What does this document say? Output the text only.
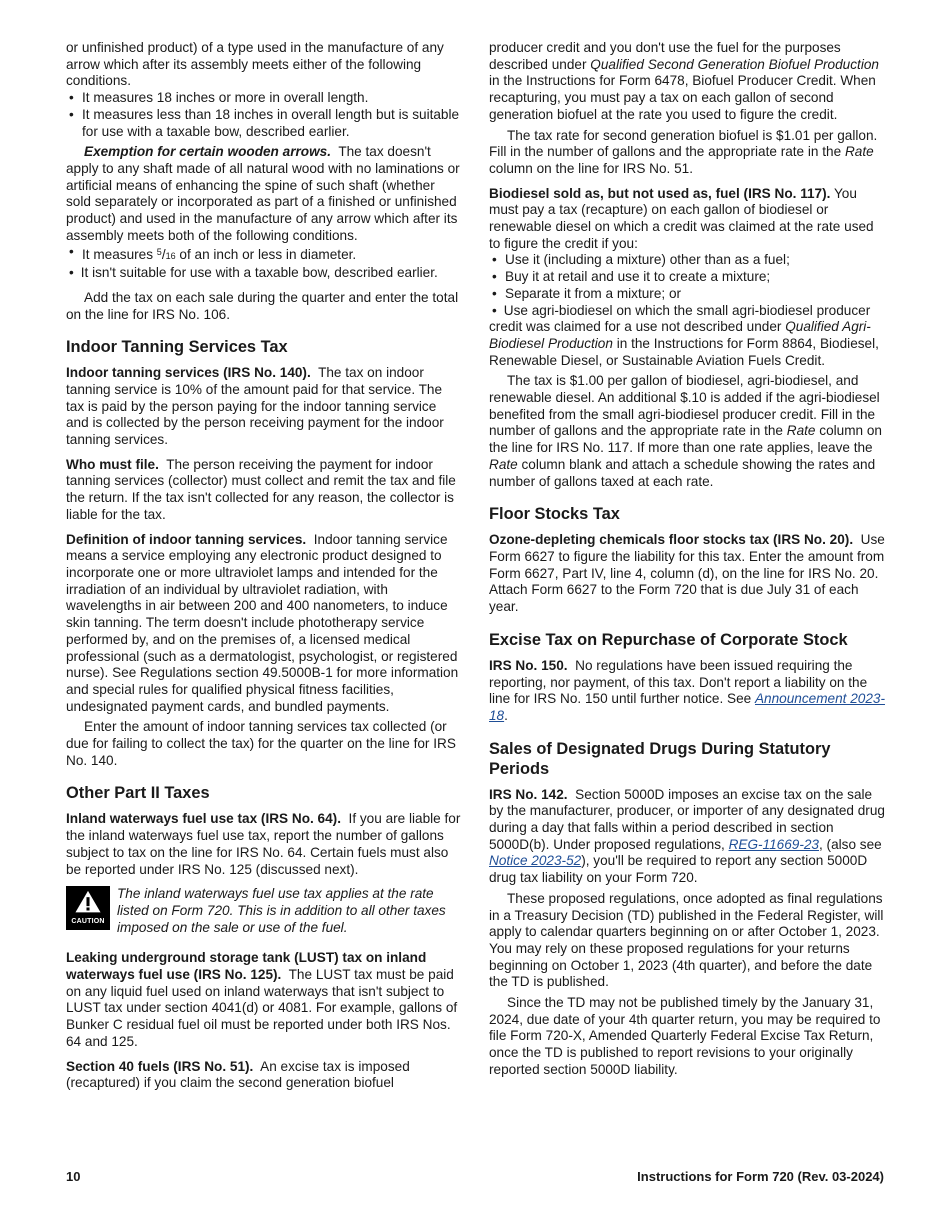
or unfinished product) of a type used in the manufacture of any arrow which after its assembly meets either of the following conditions.

• It measures 18 inches or more in overall length.
• It measures less than 18 inches in overall length but is suitable for use with a taxable bow, described earlier.

Exemption for certain wooden arrows. The tax doesn't apply to any shaft made of all natural wood with no laminations or artificial means of enhancing the spine of such shaft (whether sold separately or incorporated as part of a finished or unfinished product) and used in the manufacture of any arrow which after its assembly meets both of the following conditions.

• It measures $^5$/16 of an inch or less in diameter.
• It isn't suitable for use with a taxable bow, described earlier.

Add the tax on each sale during the quarter and enter the total on the line for IRS No. 106.

Indoor Tanning Services Tax

Indoor tanning services (IRS No. 140). The tax on indoor tanning service is 10% of the amount paid for that service. The tax is paid by the person paying for the indoor tanning service and is collected by the person receiving payment for the indoor tanning services.

Who must file. The person receiving the payment for indoor tanning services (collector) must collect and remit the tax and file the return. If the tax isn't collected for any reason, the collector is liable for the tax.

Definition of indoor tanning services. Indoor tanning service means a service employing any electronic product designed to incorporate one or more ultraviolet lamps and intended for the irradiation of an individual by ultraviolet radiation, with wavelengths in air between 200 and 400 nanometers, to induce skin tanning. The term doesn't include phototherapy service performed by, and on the premises of, a licensed medical professional (such as a dermatologist, psychologist, or registered nurse). See Regulations section 49.5000B-1 for more information and special rules for qualified physical fitness facilities, undesignated payment cards, and bundled payments.

Enter the amount of indoor tanning services tax collected (or due for failing to collect the tax) for the quarter on the line for IRS No. 140.

Other Part II Taxes

Inland waterways fuel use tax (IRS No. 64). If you are liable for the inland waterways fuel use tax, report the number of gallons subject to tax on the line for IRS No. 64. Certain fuels must also be reported under IRS No. 125 (discussed next).

CAUTION
The inland waterways fuel use tax applies at the rate listed on Form 720. This is in addition to all other taxes imposed on the sale or use of the fuel.

Leaking underground storage tank (LUST) tax on inland waterways fuel use (IRS No. 125). The LUST tax must be paid on any liquid fuel used on inland waterways that isn't subject to LUST tax under section 4041(d) or 4081. For example, gallons of Bunker C residual fuel oil must be reported under both IRS Nos. 64 and 125.

Section 40 fuels (IRS No. 51). An excise tax is imposed (recaptured) if you claim the second generation biofuel

producer credit and you don't use the fuel for the purposes described under Qualified Second Generation Biofuel Production in the Instructions for Form 6478, Biofuel Producer Credit. When recapturing, you must pay a tax on each gallon of second generation biofuel at the rate you used to figure the credit.

The tax rate for second generation biofuel is $1.01 per gallon. Fill in the number of gallons and the appropriate rate in the Rate column on the line for IRS No. 51.

Biodiesel sold as, but not used as, fuel (IRS No. 117). You must pay a tax (recapture) on each gallon of biodiesel or renewable diesel on which a credit was claimed at the rate used to figure the credit if you:

• Use it (including a mixture) other than as a fuel;
• Buy it at retail and use it to create a mixture;
• Separate it from a mixture; or
• Use agri-biodiesel on which the small agri-biodiesel producer credit was claimed for a use not described under Qualified Agri-Biodiesel Production in the Instructions for Form 8864, Biodiesel, Renewable Diesel, or Sustainable Aviation Fuels Credit.

The tax is $1.00 per gallon of biodiesel, agri-biodiesel, and renewable diesel. An additional $.10 is added if the agri-biodiesel benefited from the small agri-biodiesel producer credit. Fill in the number of gallons and the appropriate rate in the Rate column on the line for IRS No. 117. If more than one rate applies, leave the Rate column blank and attach a schedule showing the rates and number of gallons taxed at each rate.

Floor Stocks Tax

Ozone-depleting chemicals floor stocks tax (IRS No. 20). Use Form 6627 to figure the liability for this tax. Enter the amount from Form 6627, Part IV, line 4, column (d), on the line for IRS No. 20. Attach Form 6627 to the Form 720 that is due July 31 of each year.

Excise Tax on Repurchase of Corporate Stock

IRS No. 150. No regulations have been issued requiring the reporting, nor payment, of this tax. Don't report a liability on the line for IRS No. 150 until further notice. See Announcement 2023-18.

Sales of Designated Drugs During Statutory Periods

IRS No. 142. Section 5000D imposes an excise tax on the sale by the manufacturer, producer, or importer of any designated drug during a day that falls within a period described in section 5000D(b). Under proposed regulations, REG-11669-23, (also see Notice 2023-52), you'll be required to report any section 5000D drug tax liability on your Form 720.

These proposed regulations, once adopted as final regulations in a Treasury Decision (TD) published in the Federal Register, will apply to calendar quarters beginning on or after October 1, 2023. You may rely on these proposed regulations for your returns beginning on October 1, 2023 (4th quarter), and before the date the TD is published.

Since the TD may not be published timely by the January 31, 2024, due date of your 4th quarter return, you may be required to file Form 720-X, Amended Quarterly Federal Excise Tax Return, once the TD is published to report revisions to your originally reported section 5000D liability.

10	Instructions for Form 720 (Rev. 03-2024)
